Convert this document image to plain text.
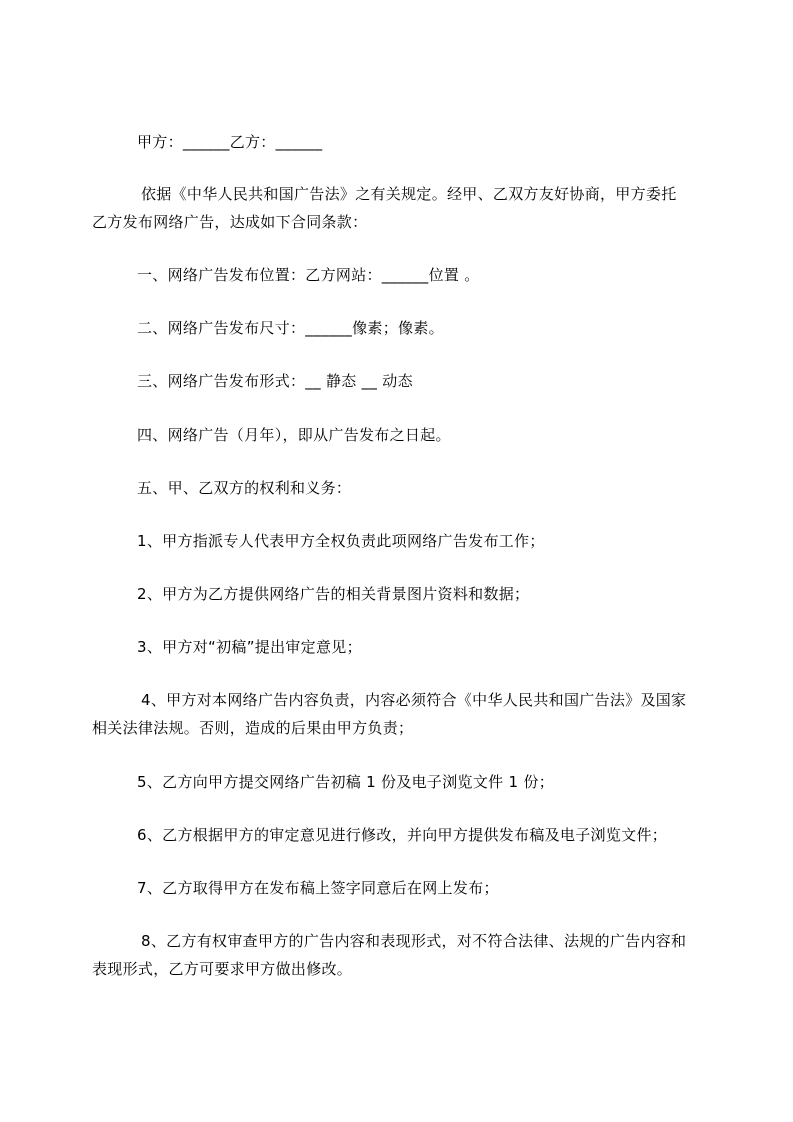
甲方：______乙方：______
依据《中华人民共和国广告法》之有关规定。经甲、乙双方友好协商，甲方委托
乙方发布网络广告，达成如下合同条款：
一、网络广告发布位置：乙方网站：______位置 。
二、网络广告发布尺寸：______像素；像素。
三、网络广告发布形式：__ 静态 __ 动态
四、网络广告（月年），即从广告发布之日起。
五、甲、乙双方的权利和义务：
1、甲方指派专人代表甲方全权负责此项网络广告发布工作；
2、甲方为乙方提供网络广告的相关背景图片资料和数据；
3、甲方对“初稿”提出审定意见；
4、甲方对本网络广告内容负责，内容必须符合《中华人民共和国广告法》及国家
相关法律法规。否则，造成的后果由甲方负责；
5、乙方向甲方提交网络广告初稿 1 份及电子浏览文件 1 份；
6、乙方根据甲方的审定意见进行修改，并向甲方提供发布稿及电子浏览文件；
7、乙方取得甲方在发布稿上签字同意后在网上发布；
8、乙方有权审查甲方的广告内容和表现形式，对不符合法律、法规的广告内容和
表现形式，乙方可要求甲方做出修改。
